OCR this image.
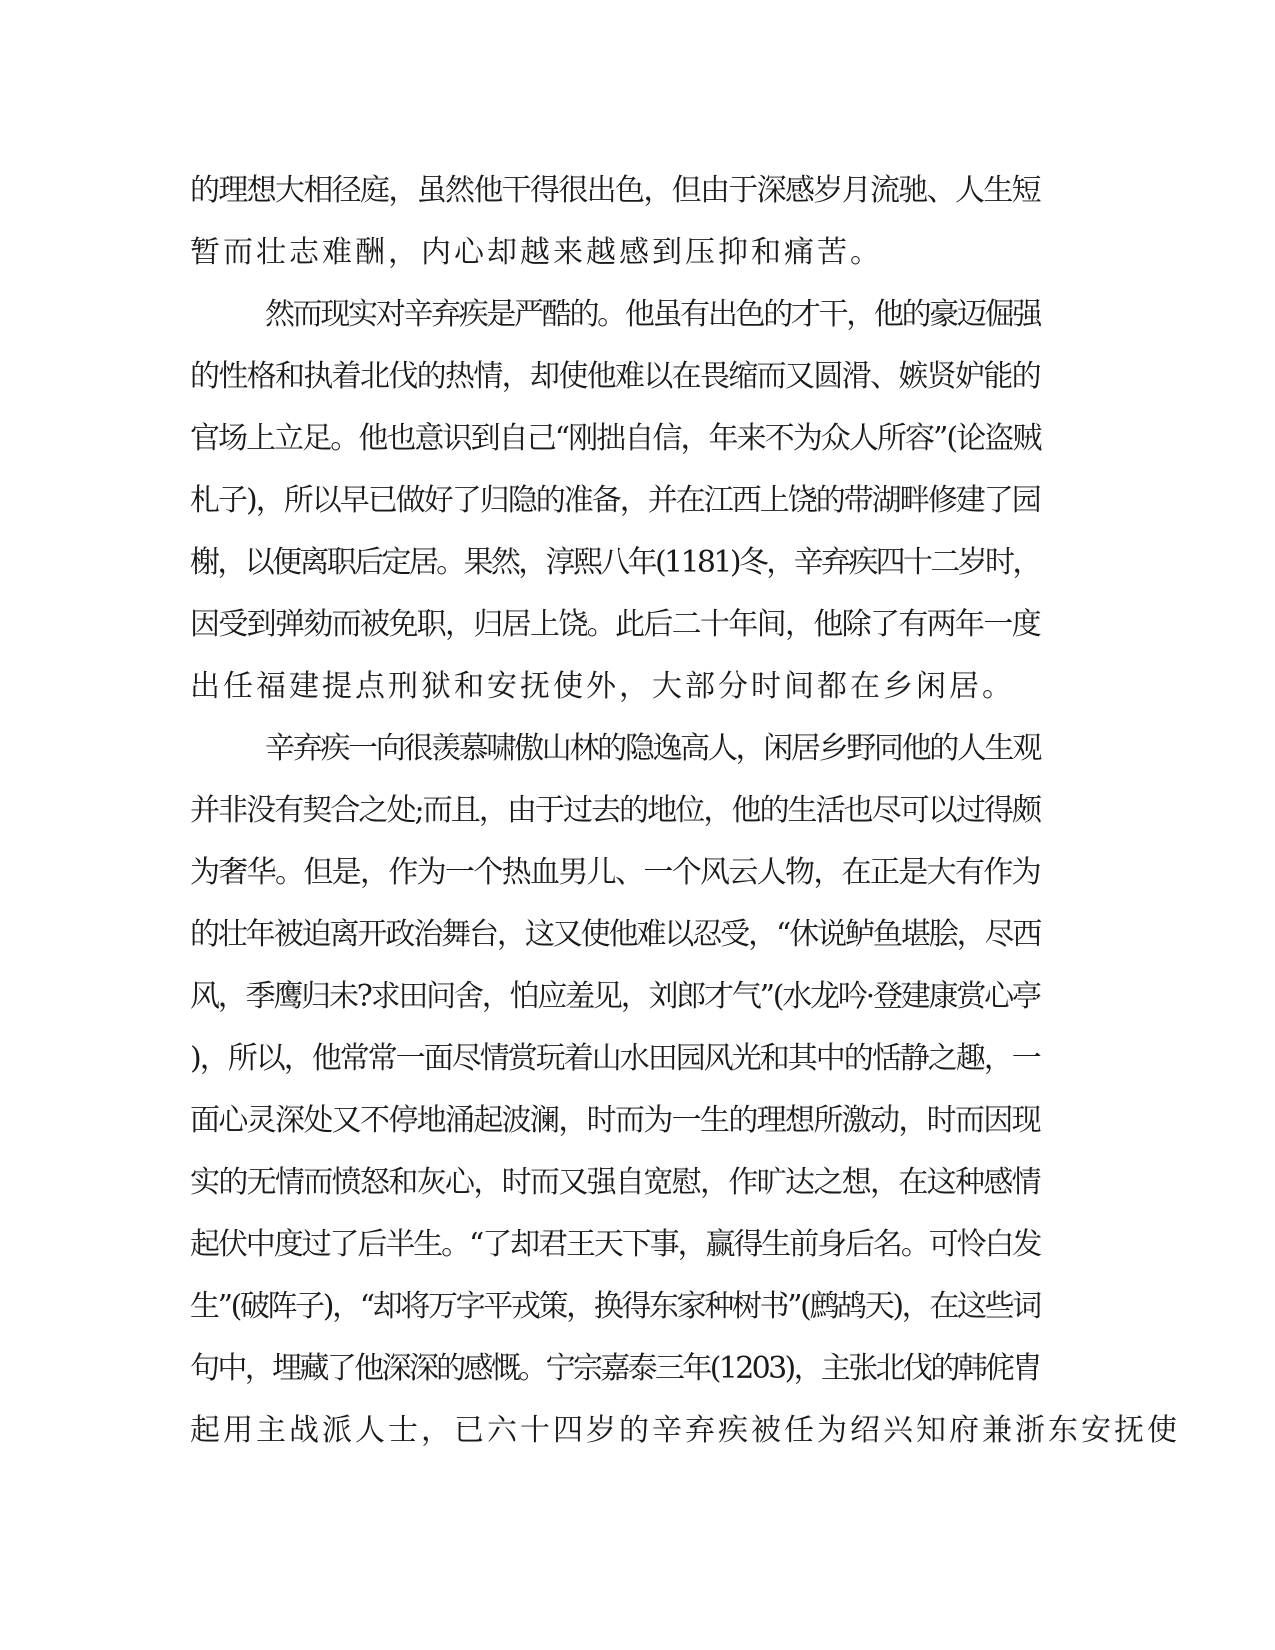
的理想大相径庭，虽然他干得很出色，但由于深感岁月流驰、人生短
暂而壮志难酬，内心却越来越感到压抑和痛苦。
然而现实对辛弃疾是严酷的。他虽有出色的才干，他的豪迈倔强
的性格和执着北伐的热情，却使他难以在畏缩而又圆滑、嫉贤妒能的
官场上立足。他也意识到自己“刚拙自信，年来不为众人所容”(论盗贼
札子)，所以早已做好了归隐的准备，并在江西上饶的带湖畔修建了园
榭，以便离职后定居。果然，淳熙八年(1181)冬，辛弃疾四十二岁时，
因受到弹劾而被免职，归居上饶。此后二十年间，他除了有两年一度
出任福建提点刑狱和安抚使外，大部分时间都在乡闲居。
辛弃疾一向很羡慕啸傲山林的隐逸高人，闲居乡野同他的人生观
并非没有契合之处;而且，由于过去的地位，他的生活也尽可以过得颇
为奢华。但是，作为一个热血男儿、一个风云人物，在正是大有作为
的壮年被迫离开政治舞台，这又使他难以忍受，“休说鲈鱼堪脍，尽西
风，季鹰归未?求田问舍，怕应羞见，刘郎才气”(水龙吟·登建康赏心亭
)，所以，他常常一面尽情赏玩着山水田园风光和其中的恬静之趣，一
面心灵深处又不停地涌起波澜，时而为一生的理想所激动，时而因现
实的无情而愤怒和灰心，时而又强自宽慰，作旷达之想，在这种感情
起伏中度过了后半生。“了却君王天下事，赢得生前身后名。可怜白发
生”(破阵子)，“却将万字平戎策，换得东家种树书”(鹧鸪天)，在这些词
句中，埋藏了他深深的感慨。宁宗嘉泰三年(1203)，主张北伐的韩侂胄
起用主战派人士，已六十四岁的辛弃疾被任为绍兴知府兼浙东安抚使
